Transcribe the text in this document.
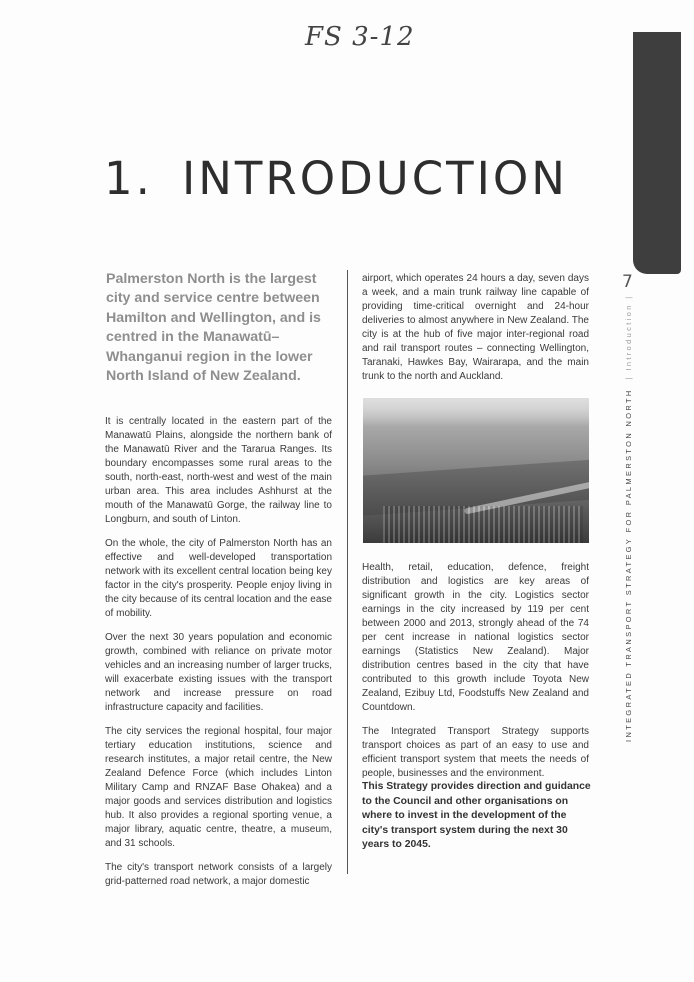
FS 3-12
7
INTEGRATED TRANSPORT STRATEGY FOR PALMERSTON NORTH  | Introduction |
1. INTRODUCTION

Palmerston North is the largest city and service centre between Hamilton and Wellington, and is centred in the Manawatū–Whanganui region in the lower North Island of New Zealand.

It is centrally located in the eastern part of the Manawatū Plains, alongside the northern bank of the Manawatū River and the Tararua Ranges. Its boundary encompasses some rural areas to the south, north-east, north-west and west of the main urban area. This area includes Ashhurst at the mouth of the Manawatū Gorge, the railway line to Longburn, and south of Linton.

On the whole, the city of Palmerston North has an effective and well-developed transportation network with its excellent central location being key factor in the city's prosperity. People enjoy living in the city because of its central location and the ease of mobility.

Over the next 30 years population and economic growth, combined with reliance on private motor vehicles and an increasing number of larger trucks, will exacerbate existing issues with the transport network and increase pressure on road infrastructure capacity and facilities.

The city services the regional hospital, four major tertiary education institutions, science and research institutes, a major retail centre, the New Zealand Defence Force (which includes Linton Military Camp and RNZAF Base Ohakea) and a major goods and services distribution and logistics hub. It also provides a regional sporting venue, a major library, aquatic centre, theatre, a museum, and 31 schools.

The city's transport network consists of a largely grid-patterned road network, a major domestic

airport, which operates 24 hours a day, seven days a week, and a main trunk railway line capable of providing time-critical overnight and 24-hour deliveries to almost anywhere in New Zealand. The city is at the hub of five major inter-regional road and rail transport routes – connecting Wellington, Taranaki, Hawkes Bay, Wairarapa, and the main trunk to the north and Auckland.

Health, retail, education, defence, freight distribution and logistics are key areas of significant growth in the city. Logistics sector earnings in the city increased by 119 per cent between 2000 and 2013, strongly ahead of the 74 per cent increase in national logistics sector earnings (Statistics New Zealand). Major distribution centres based in the city that have contributed to this growth include Toyota New Zealand, Ezibuy Ltd, Foodstuffs New Zealand and Countdown.

The Integrated Transport Strategy supports transport choices as part of an easy to use and efficient transport system that meets the needs of people, businesses and the environment.

This Strategy provides direction and guidance to the Council and other organisations on where to invest in the development of the city's transport system during the next 30 years to 2045.
